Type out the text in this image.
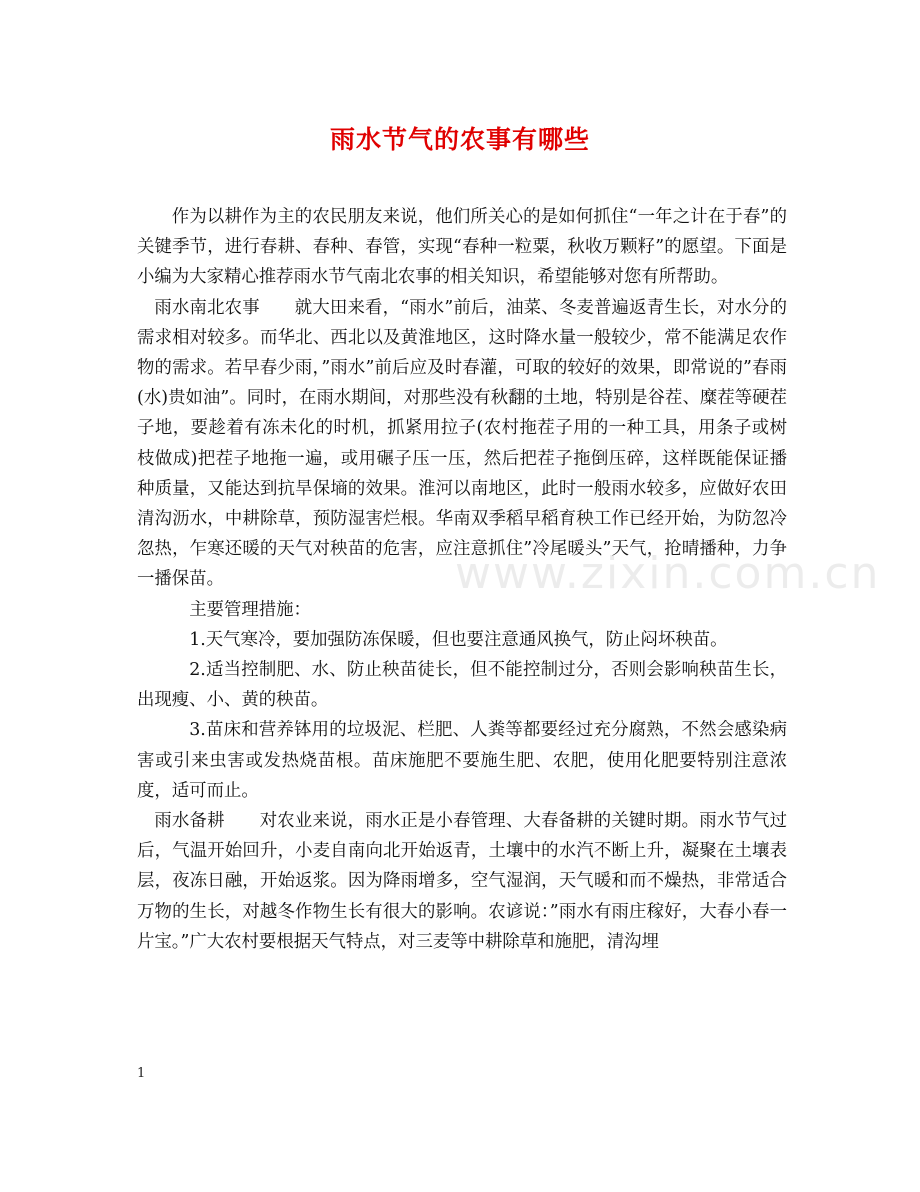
雨水节气的农事有哪些

作为以耕作为主的农民朋友来说，他们所关心的是如何抓住“一年之计在于春”的关键季节，进行春耕、春种、春管，实现“春种一粒粟，秋收万颗籽”的愿望。下面是小编为大家精心推荐雨水节气南北农事的相关知识，希望能够对您有所帮助。

雨水南北农事 就大田来看，“雨水”前后，油菜、冬麦普遍返青生长，对水分的需求相对较多。而华北、西北以及黄淮地区，这时降水量一般较少，常不能满足农作物的需求。若早春少雨，”雨水”前后应及时春灌，可取的较好的效果，即常说的”春雨(水)贵如油”。同时，在雨水期间，对那些没有秋翻的土地，特别是谷茬、糜茬等硬茬子地，要趁着有冻未化的时机，抓紧用拉子(农村拖茬子用的一种工具，用条子或树枝做成)把茬子地拖一遍，或用碾子压一压，然后把茬子拖倒压碎，这样既能保证播种质量，又能达到抗旱保墒的效果。淮河以南地区，此时一般雨水较多，应做好农田清沟沥水，中耕除草，预防湿害烂根。华南双季稻早稻育秧工作已经开始，为防忽冷忽热，乍寒还暖的天气对秧苗的危害，应注意抓住”冷尾暖头”天气，抢晴播种，力争一播保苗。

主要管理措施：

1.天气寒冷，要加强防冻保暖，但也要注意通风换气，防止闷坏秧苗。

2.适当控制肥、水、防止秧苗徒长，但不能控制过分，否则会影响秧苗生长，出现瘦、小、黄的秧苗。

3.苗床和营养钵用的垃圾泥、栏肥、人粪等都要经过充分腐熟，不然会感染病害或引来虫害或发热烧苗根。苗床施肥不要施生肥、农肥，使用化肥要特别注意浓度，适可而止。

雨水备耕 对农业来说，雨水正是小春管理、大春备耕的关键时期。雨水节气过后，气温开始回升，小麦自南向北开始返青，土壤中的水汽不断上升，凝聚在土壤表层，夜冻日融，开始返浆。因为降雨增多，空气湿润，天气暖和而不燥热，非常适合万物的生长，对越冬作物生长有很大的影响。农谚说：”雨水有雨庄稼好，大春小春一片宝。”广大农村要根据天气特点，对三麦等中耕除草和施肥，清沟埋

www.zixin.com.cn
1
